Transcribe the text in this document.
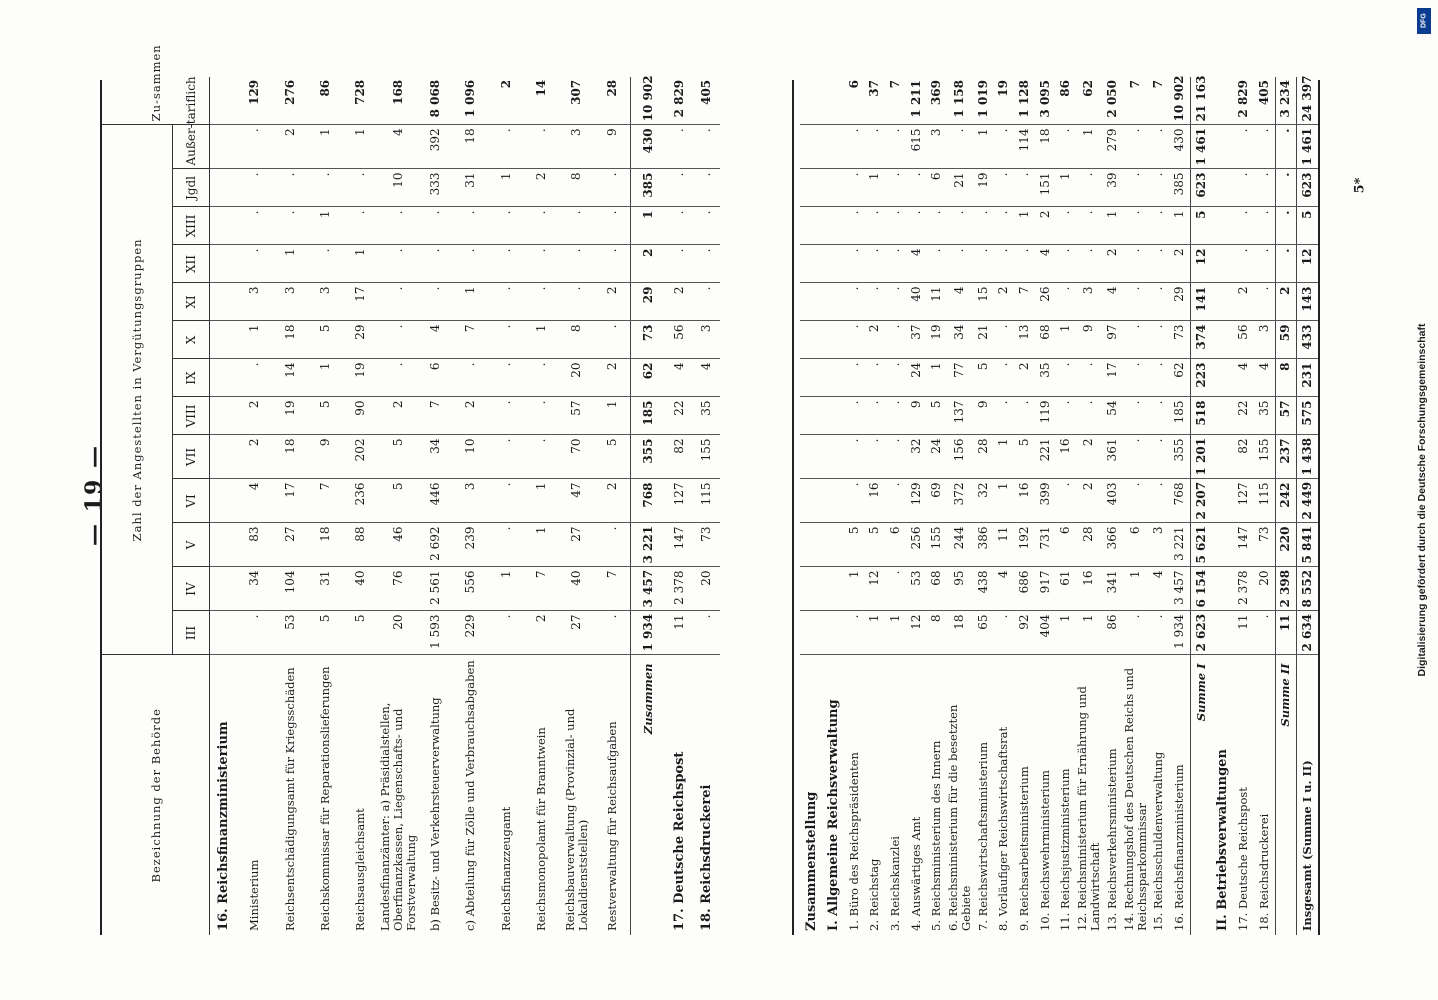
— 19 —
5*
DFG
Digitalisierung gefördert durch die Deutsche Forschungsgemeinschaft
Bezeichnung der Behörde	Zahl der Angestellten in Vergütungsgruppen													Zu-sammen
	III	IV	V	VI	VII	VIII	IX	X	XI	XII	XIII	Jgdl	Außer-tariflich	
16. Reichsfinanzministerium														
Ministerium	.	34	83	4	2	2	.	1	3	.	.	.	.	129
Reichsentschädigungsamt für Kriegsschäden	53	104	27	17	18	19	14	18	3	1	.	.	2	276
Reichskommissar für Reparationslieferungen	5	31	18	7	9	5	1	5	3	.	1	.	1	86
Reichsausgleichsamt	5	40	88	236	202	90	19	29	17	1	.	.	1	728
Landesfinanzämter: a) Präsidialstellen, Oberfinanzkassen, Liegenschafts- und Forstverwaltung	20	76	46	5	5	2	.	.	.	.	.	10	4	168
b) Besitz- und Verkehrsteuerverwaltung	1 593	2 561	2 692	446	34	7	6	4	.	.	.	333	392	8 068
c) Abteilung für Zölle und Verbrauchsabgaben	229	556	239	3	10	2	.	7	1	.	.	31	18	1 096
Reichsfinanzzeugamt	.	1	.	.	.	.	.	.	.	.	.	1	.	2
Reichsmonopolamt für Branntwein	2	7	1	1	.	.	.	1	.	.	.	2	.	14
Reichsbauverwaltung (Provinzial- und Lokaldienststellen)	27	40	27	47	70	57	20	8	.	.	.	8	3	307
Restverwaltung für Reichsaufgaben	.	7	.	2	5	1	2	.	2	.	.	.	9	28
Zusammen	1 934	3 457	3 221	768	355	185	62	73	29	2	1	385	430	10 902
17. Deutsche Reichspost	11	2 378	147	127	82	22	4	56	2	.	.	.	.	2 829
18. Reichsdruckerei	.	20	73	115	155	35	4	3	.	.	.	.	.	405
Zusammenstellung														
I. Allgemeine Reichsverwaltung														
1. Büro des Reichspräsidenten	.	1	5	.	.	.	.	.	.	.	.	.	.	6
2. Reichstag	1	12	5	16	.	.	.	2	.	.	.	1	.	37
3. Reichskanzlei	1	.	6	.	.	.	.	.	.	.	.	.	.	7
4. Auswärtiges Amt	12	53	256	129	32	9	24	37	40	4	.	.	615	1 211
5. Reichsministerium des Innern	8	68	155	69	24	5	1	19	11	.	.	6	3	369
6. Reichsministerium für die besetzten Gebiete	18	95	244	372	156	137	77	34	4	.	.	21	.	1 158
7. Reichswirtschaftsministerium	65	438	386	32	28	9	5	21	15	.	.	19	1	1 019
8. Vorläufiger Reichswirtschaftsrat	.	4	11	1	1	.	.	.	2	.	.	.	.	19
9. Reichsarbeitsministerium	92	686	192	16	5	.	2	13	7	.	1	.	114	1 128
10. Reichswehrministerium	404	917	731	399	221	119	35	68	26	4	2	151	18	3 095
11. Reichsjustizministerium	1	61	6	.	16	.	.	1	.	.	.	1	.	86
12. Reichsministerium für Ernährung und Landwirtschaft	1	16	28	2	2	.	.	9	3	.	.	.	1	62
13. Reichsverkehrsministerium	86	341	366	403	361	54	17	97	4	2	1	39	279	2 050
14. Rechnungshof des Deutschen Reichs und Reichssparkommissar	.	1	6	.	.	.	.	.	.	.	.	.	.	7
15. Reichsschuldenverwaltung	.	4	3	.	.	.	.	.	.	.	.	.	.	7
16. Reichsfinanzministerium	1 934	3 457	3 221	768	355	185	62	73	29	2	1	385	430	10 902
Summe I	2 623	6 154	5 621	2 207	1 201	518	223	374	141	12	5	623	1 461	21 163
II. Betriebsverwaltungen														
17. Deutsche Reichspost	11	2 378	147	127	82	22	4	56	2	.	.	.	.	2 829
18. Reichsdruckerei	.	20	73	115	155	35	4	3	.	.	.	.	.	405
Summe II	11	2 398	220	242	237	57	8	59	2	.	.	.	.	3 234
Insgesamt (Summe I u. II)	2 634	8 552	5 841	2 449	1 438	575	231	433	143	12	5	623	1 461	24 397
